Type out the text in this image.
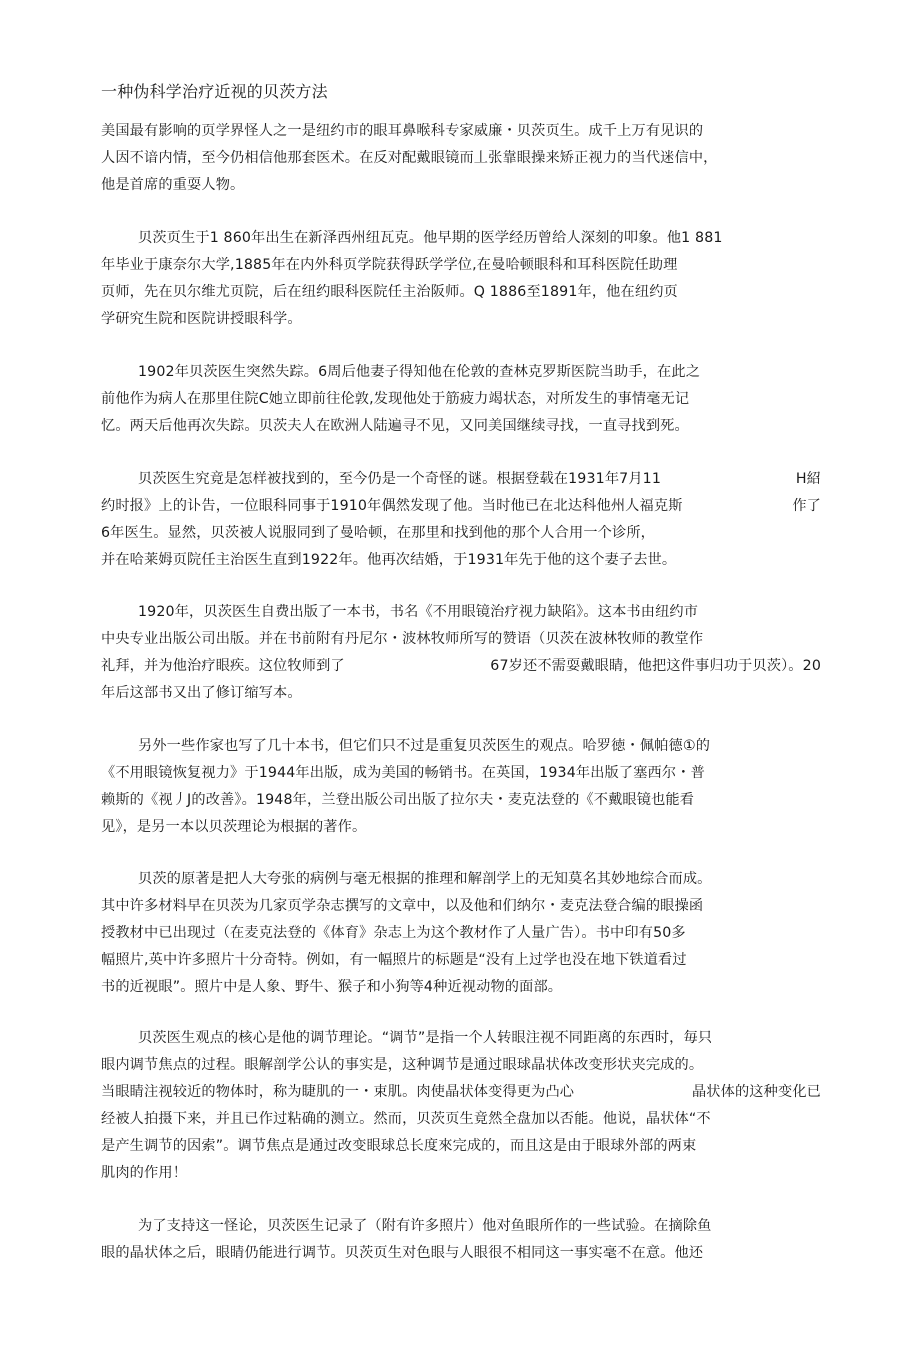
一种伪科学治疗近视的贝茨方法
美国最有影响的页学界怪人之一是纽约市的眼耳鼻喉科专家威廉・贝茨页生。成千上万有见识的
人因不谙内情，至今仍相信他那套医术。在反对配戴眼镜而丄张靠眼操来矫正视力的当代迷信中，
他是首席的重耍人物。
贝茨页生于1 860年出生在新泽西州纽瓦克。他早期的医学经历曾给人深刻的叩象。他1 881
年毕业于康奈尔大学,1885年在内外科页学院获得跃学学位,在曼哈顿眼科和耳科医院任助理
页师，先在贝尔维尤页院，后在纽约眼科医院任主治阪师。Q 1886至1891年，他在纽约页
学研究生院和医院讲授眼科学。
1902年贝茨医生突然失踪。6周后他妻子得知他在伦敦的查林克罗斯医院当助手，在此之
前他作为病人在那里住院C她立即前往伦敦,发现他处于筋疲力竭状态，对所发生的事情毫无记
忆。两天后他再次失踪。贝茨夫人在欧洲人陆遍寻不见，又冋美国继续寻找，一直寻找到死。
贝茨医生究竟是怎样被找到的，至今仍是一个奇怪的谜。根据登载在1931年7月11	H紹
约时报》上的讣告，一位眼科同事于1910年偶然发现了他。当时他已在北达科他州人福克斯	作了
6年医生。显然，贝茨被人说服同到了曼哈顿，在那里和找到他的那个人合用一个诊所，
并在哈莱姆页院任主治医生直到1922年。他再次结婚，于1931年先于他的这个妻子去世。
1920年，贝茨医生自费出版了一本书，书名《不用眼镜治疗视力缺陷》。这本书由纽约市
中央专业出版公司出版。并在书前附有丹尼尔・波林牧师所写的赞语（贝茨在波林牧师的教堂作
礼拜，并为他治疗眼疾。这位牧师到了	67岁还不需耍戴眼睛，他把这件事归功于贝茨）。20
年后这部书又出了修订缩写本。
另外一些作家也写了几十本书，但它们只不过是重复贝茨医生的观点。哈罗徳・佩帕德①的
《不用眼镜恢复视力》于1944年出版，成为美国的畅销书。在英国，1934年出版了塞西尔・普
赖斯的《视丿J的改善》。1948年，兰登出版公司出版了拉尔夫・麦克法登的《不戴眼镜也能看
见》，是另一本以贝茨理论为根据的著作。
贝茨的原著是把人大夸张的病例与毫无根据的推理和解剖学上的无知莫名其妙地综合而成。
其中许多材料早在贝茨为几家页学杂志撰写的文章中，以及他和们纳尔・麦克法登合编的眼操函
授教材中已出现过（在麦克法登的《体育》杂志上为这个教材作了人量广告）。书中印有50多
幅照片,英中许多照片十分奇特。例如，有一幅照片的标题是“没有上过学也没在地下铁道看过
书的近视眼”。照片中是人象、野牛、猴子和小狗等4种近视动物的面部。
贝茨医生观点的核心是他的调节理论。“调节”是指一个人转眼注视不同距离的东西时，毎只
眼内调节焦点的过程。眼解剖学公认的事实是，这种调节是通过眼球晶状体改变形状夹完成的。
当眼睛注视较近的物体时，称为睫肌的一・束肌。肉使晶状体变得更为凸心	晶状体的这种变化已
经被人拍摄下来，并且已作过粘确的测立。然而，贝茨页生竟然全盘加以否能。他说，晶状体“不
是产生调节的因索”。调节焦点是通过改变眼球总长度來完成的，而且这是由于眼球外部的两束
肌肉的作用！
为了支持这一怪论，贝茨医生记录了（附有许多照片）他对鱼眼所作的一些试验。在摘除鱼
眼的晶状体之后，眼睛仍能进行调节。贝茨页生对色眼与人眼很不相同这一事实毫不在意。他还
